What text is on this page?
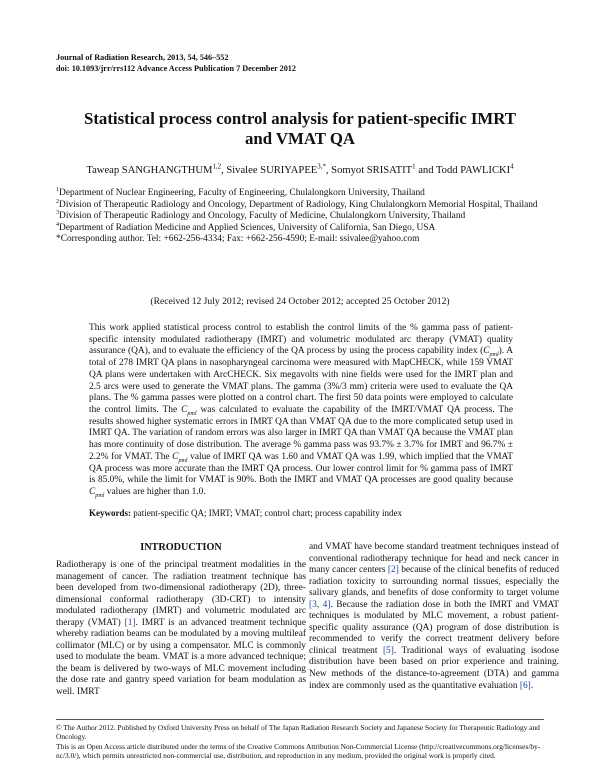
Journal of Radiation Research, 2013, 54, 546–552
doi: 10.1093/jrr/rrs112 Advance Access Publication 7 December 2012
Statistical process control analysis for patient-specific IMRT
and VMAT QA
Taweap SANGHANGTHUM$^{1,2}$, Sivalee $SURIYAPEE^{3,*}$, Somyot SRISATIT$^1$ and Todd PAWLICKI$^4$
$^1$Department of Nuclear Engineering, Faculty of Engineering, Chulalongkorn University, Thailand
$^2$Division of Therapeutic Radiology and Oncology, Department of Radiology, King Chulalongkorn Memorial Hospital, Thailand
$^3$Division of Therapeutic Radiology and Oncology, Faculty of Medicine, Chulalongkorn University, Thailand
$^4$Department of Radiation Medicine and Applied Sciences, University of California, San Diego, USA
*Corresponding author. Tel: +662-256-4334; Fax: +662-256-4590; E-mail: ssivalee@yahoo.com
(Received 12 July 2012; revised 24 October 2012; accepted 25 October 2012)
This work applied statistical process control to establish the control limits of the % gamma pass of patient-specific intensity modulated radiotherapy (IMRT) and volumetric modulated arc therapy (VMAT) quality assurance (QA), and to evaluate the efficiency of the QA process by using the process capability index $(C_{pml})$. A total of 278 IMRT QA plans in nasopharyngeal carcinoma were measured with MapCHECK, while 159 VMAT QA plans were undertaken with ArcCHECK. Six megavolts with nine fields were used for the IMRT plan and 2.5 arcs were used to generate the VMAT plans. The gamma (3%/3 mm) criteria were used to evaluate the QA plans. The % gamma passes were plotted on a control chart. The first 50 data points were employed to calculate the control limits. The $C_{pml}$ was calculated to evaluate the capability of the IMRT/VMAT QA process. The results showed higher systematic errors in IMRT QA than VMAT QA due to the more complicated setup used in IMRT QA. The variation of random errors was also larger in IMRT QA than VMAT QA because the VMAT plan has more continuity of dose distribution. The average % gamma pass was 93.7% ± 3.7% for IMRT and 96.7% ± 2.2% for VMAT. The $C_{pml}$ value of IMRT QA was 1.60 and VMAT QA was 1.99, which implied that the VMAT QA process was more accurate than the IMRT QA process. Our lower control limit for % gamma pass of IMRT is 85.0%, while the limit for VMAT is 90%. Both the IMRT and VMAT QA processes are good quality because $C_{pml}$ values are higher than 1.0.
Keywords: patient-specific QA; IMRT; VMAT; control chart; process capability index
INTRODUCTION
Radiotherapy is one of the principal treatment modalities in the management of cancer. The radiation treatment technique has been developed from two-dimensional radiotherapy (2D), three-dimensional conformal radiotherapy (3D-CRT) to intensity modulated radiotherapy (IMRT) and volumetric modulated arc therapy (VMAT) [1]. IMRT is an advanced treatment technique whereby radiation beams can be modulated by a moving multileaf collimator (MLC) or by using a compensator. MLC is commonly used to modulate the beam. VMAT is a more advanced technique; the beam is delivered by two-ways of MLC movement including the dose rate and gantry speed variation for beam modulation as well. IMRT
and VMAT have become standard treatment techniques instead of conventional radiotherapy technique for head and neck cancer in many cancer centers [2] because of the clinical benefits of reduced radiation toxicity to surrounding normal tissues, especially the salivary glands, and benefits of dose conformity to target volume [3, 4]. Because the radiation dose in both the IMRT and VMAT techniques is modulated by MLC movement, a robust patient-specific quality assurance (QA) program of dose distribution is recommended to verify the correct treatment delivery before clinical treatment [5]. Traditional ways of evaluating isodose distribution have been based on prior experience and training. New methods of the distance-to-agreement (DTA) and gamma index are commonly used as the quantitative evaluation [6].
© The Author 2012. Published by Oxford University Press on behalf of The Japan Radiation Research Society and Japanese Society for Therapeutic Radiology and Oncology.
This is an Open Access article distributed under the terms of the Creative Commons Attribution Non-Commercial License (http://creativecommons.org/licenses/by-nc/3.0/), which permits unrestricted non-commercial use, distribution, and reproduction in any medium, provided the original work is properly cited.
